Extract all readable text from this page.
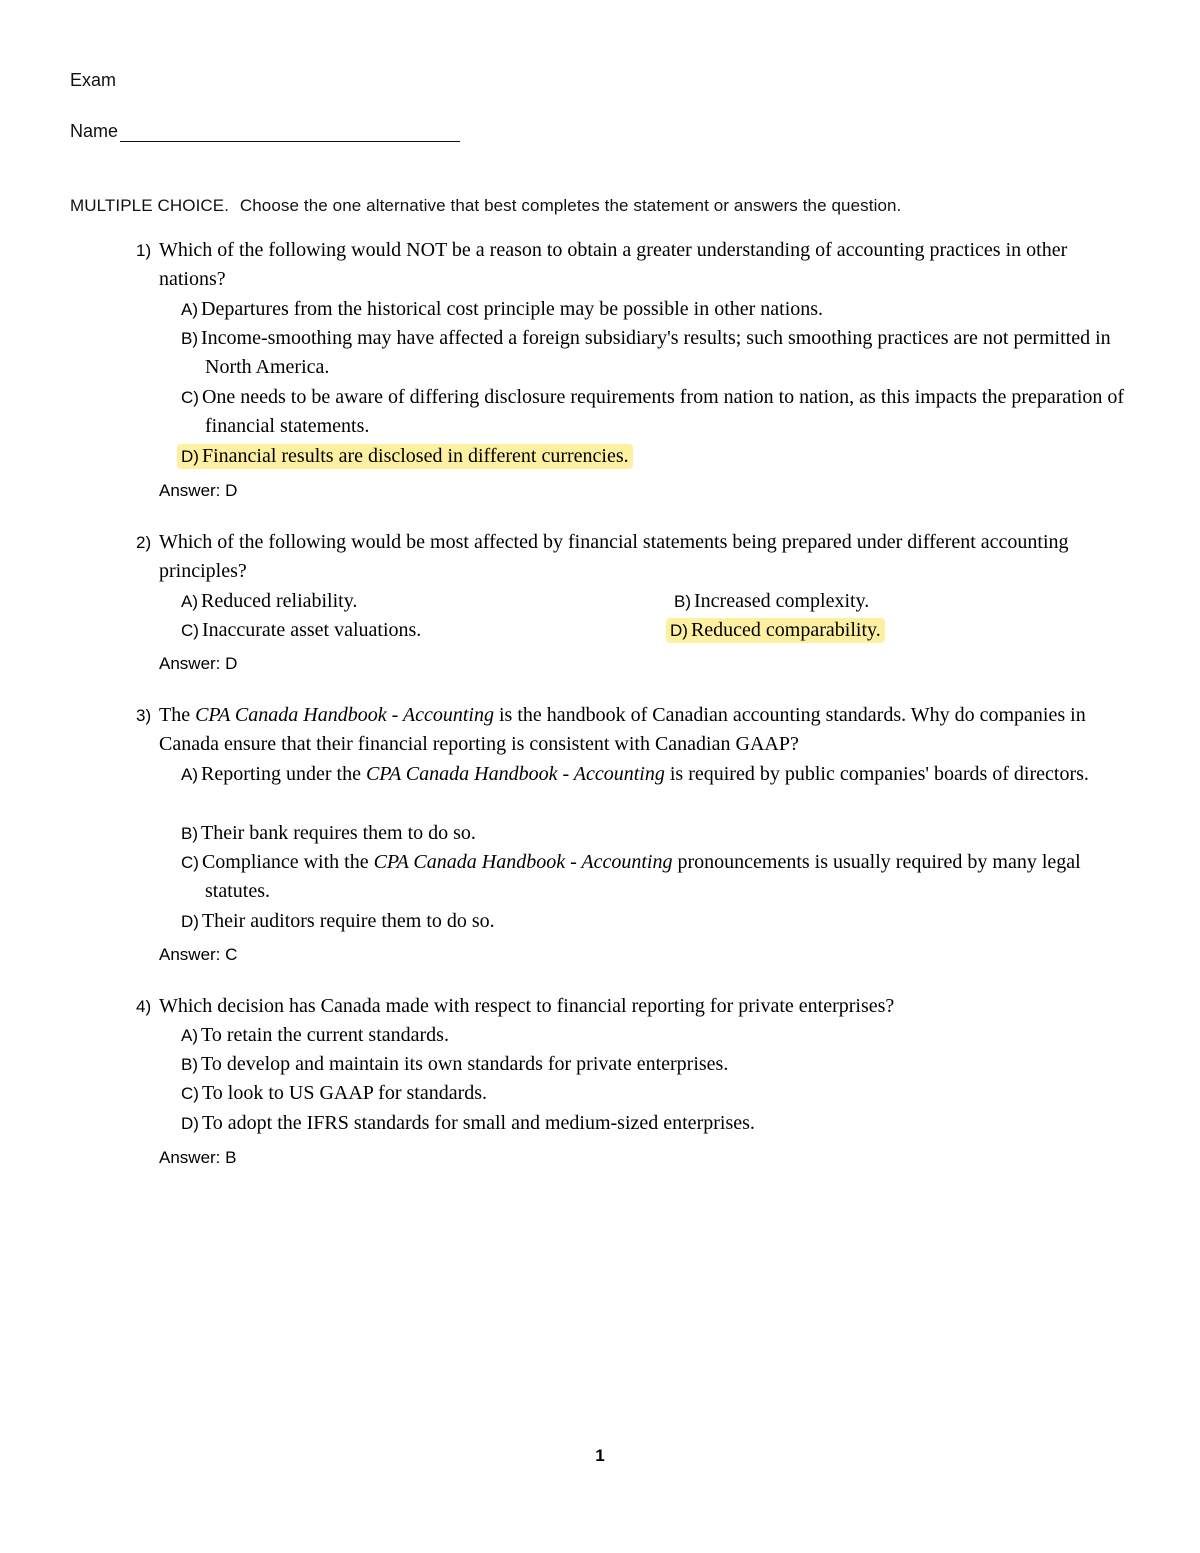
Exam
Name
MULTIPLE CHOICE. Choose the one alternative that best completes the statement or answers the question.
1) Which of the following would NOT be a reason to obtain a greater understanding of accounting practices in other nations?
A) Departures from the historical cost principle may be possible in other nations.
B) Income-smoothing may have affected a foreign subsidiary's results; such smoothing practices are not permitted in North America.
C) One needs to be aware of differing disclosure requirements from nation to nation, as this impacts the preparation of financial statements.
D) Financial results are disclosed in different currencies.
Answer: D
2) Which of the following would be most affected by financial statements being prepared under different accounting principles?
A) Reduced reliability.	B) Increased complexity.
C) Inaccurate asset valuations.	D) Reduced comparability.
Answer: D
3) The CPA Canada Handbook - Accounting is the handbook of Canadian accounting standards. Why do companies in Canada ensure that their financial reporting is consistent with Canadian GAAP?
A) Reporting under the CPA Canada Handbook - Accounting is required by public companies' boards of directors.
B) Their bank requires them to do so.
C) Compliance with the CPA Canada Handbook - Accounting pronouncements is usually required by many legal statutes.
D) Their auditors require them to do so.
Answer: C
4) Which decision has Canada made with respect to financial reporting for private enterprises?
A) To retain the current standards.
B) To develop and maintain its own standards for private enterprises.
C) To look to US GAAP for standards.
D) To adopt the IFRS standards for small and medium-sized enterprises.
Answer: B
1
